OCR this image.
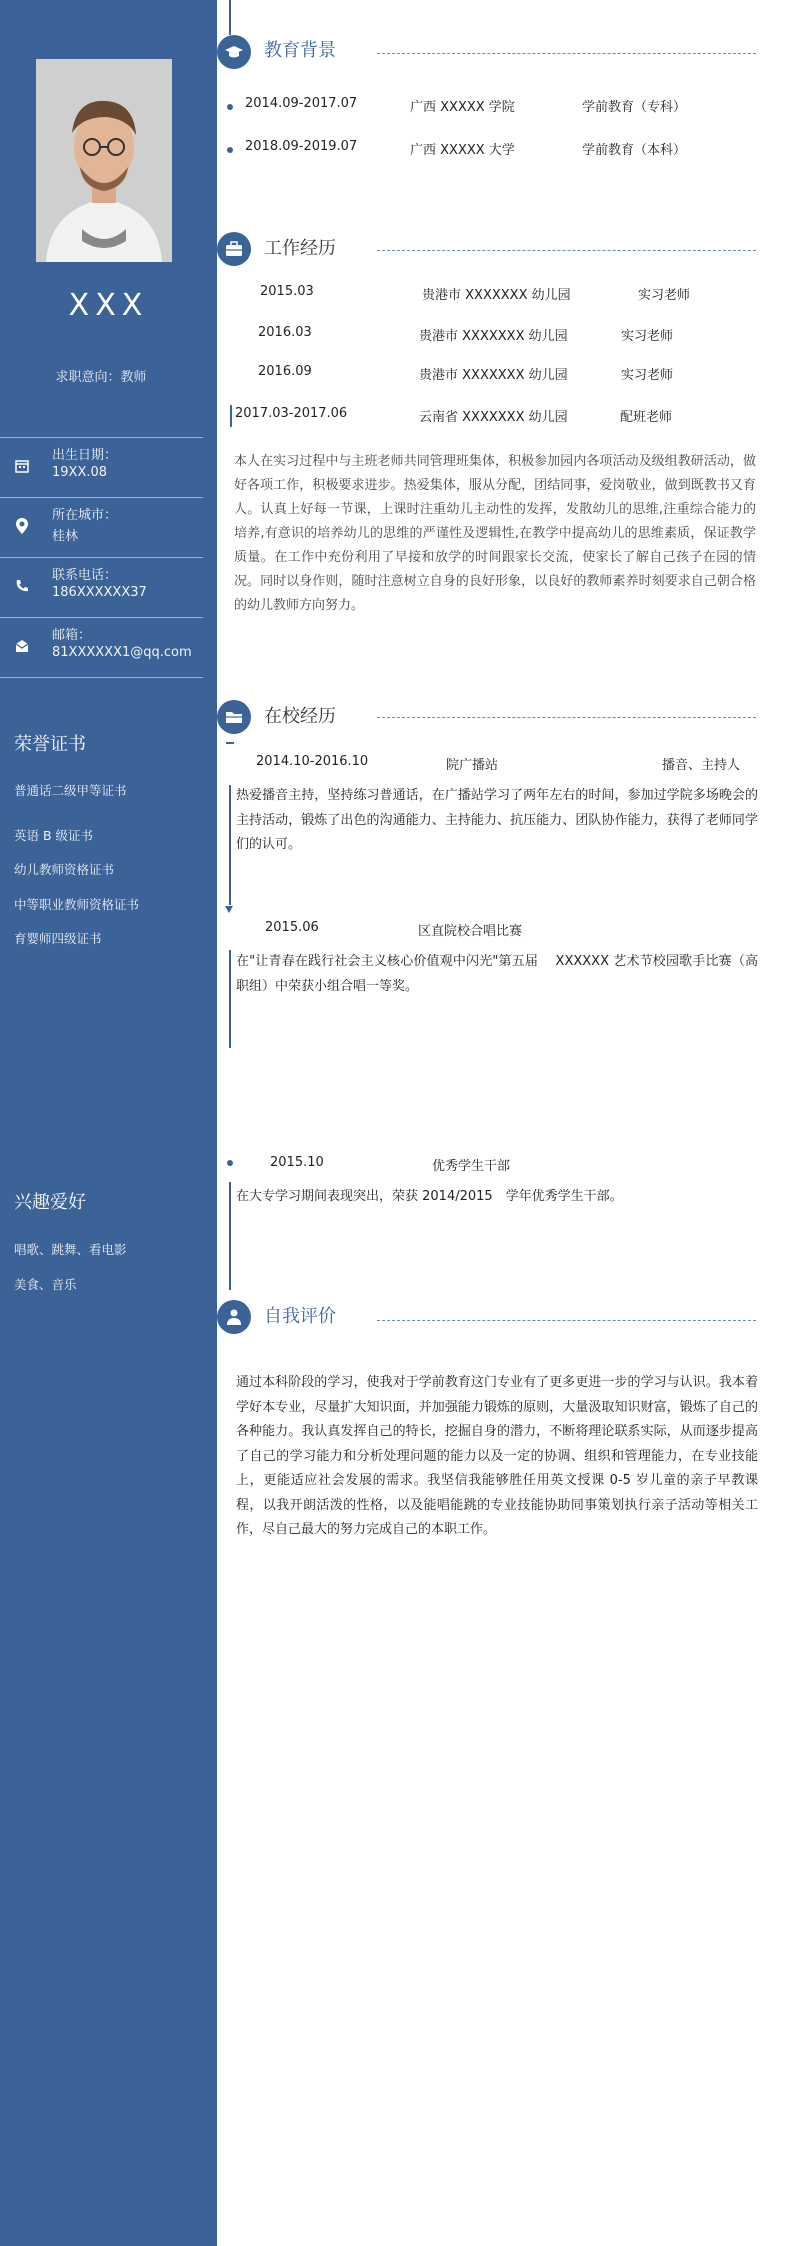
XXX
求职意向：教师
出生日期：
19XX.08
所在城市：
桂林
联系电话：
186XXXXXX37
邮箱：
81XXXXXX1@qq.com
荣誉证书
普通话二级甲等证书
英语 B 级证书
幼儿教师资格证书
中等职业教师资格证书
育婴师四级证书
兴趣爱好
唱歌、跳舞、看电影
美食、音乐
教育背景
2014.09-2017.07	广西 XXXXX 学院	学前教育（专科）
2018.09-2019.07	广西 XXXXX 大学	学前教育（本科）
工作经历
2015.03	贵港市 XXXXXXX 幼儿园	实习老师
2016.03	贵港市 XXXXXXX 幼儿园	实习老师
2016.09	贵港市 XXXXXXX 幼儿园	实习老师
2017.03-2017.06	云南省 XXXXXXX 幼儿园	配班老师
本人在实习过程中与主班老师共同管理班集体，积极参加园内各项活动及级组教研活动，做好各项工作，积极要求进步。热爱集体，服从分配，团结同事，爱岗敬业，做到既教书又育人。认真上好每一节课，上课时注重幼儿主动性的发挥，发散幼儿的思维,注重综合能力的培养,有意识的培养幼儿的思维的严谨性及逻辑性,在教学中提高幼儿的思维素质，保证教学质量。在工作中充份利用了早接和放学的时间跟家长交流，使家长了解自己孩子在园的情况。同时以身作则，随时注意树立自身的良好形象，以良好的教师素养时刻要求自己朝合格的幼儿教师方向努力。
在校经历
2014.10-2016.10	院广播站	播音、主持人
热爱播音主持，坚持练习普通话，在广播站学习了两年左右的时间，参加过学院多场晚会的主持活动，锻炼了出色的沟通能力、主持能力、抗压能力、团队协作能力，获得了老师同学们的认可。
2015.06	区直院校合唱比赛
在"让青春在践行社会主义核心价值观中闪光"第五届　 XXXXXX 艺术节校园歌手比赛（高职组）中荣获小组合唱一等奖。
2015.10	优秀学生干部
在大专学习期间表现突出，荣获 2014/2015　学年优秀学生干部。
自我评价
通过本科阶段的学习，使我对于学前教育这门专业有了更多更进一步的学习与认识。我本着学好本专业，尽量扩大知识面，并加强能力锻炼的原则，大量汲取知识财富，锻炼了自己的各种能力。我认真发挥自己的特长，挖掘自身的潜力，不断将理论联系实际，从而逐步提高了自己的学习能力和分析处理问题的能力以及一定的协调、组织和管理能力，在专业技能上，更能适应社会发展的需求。我坚信我能够胜任用英文授课 0-5 岁儿童的亲子早教课程，以我开朗活泼的性格，以及能唱能跳的专业技能协助同事策划执行亲子活动等相关工作，尽自己最大的努力完成自己的本职工作。
